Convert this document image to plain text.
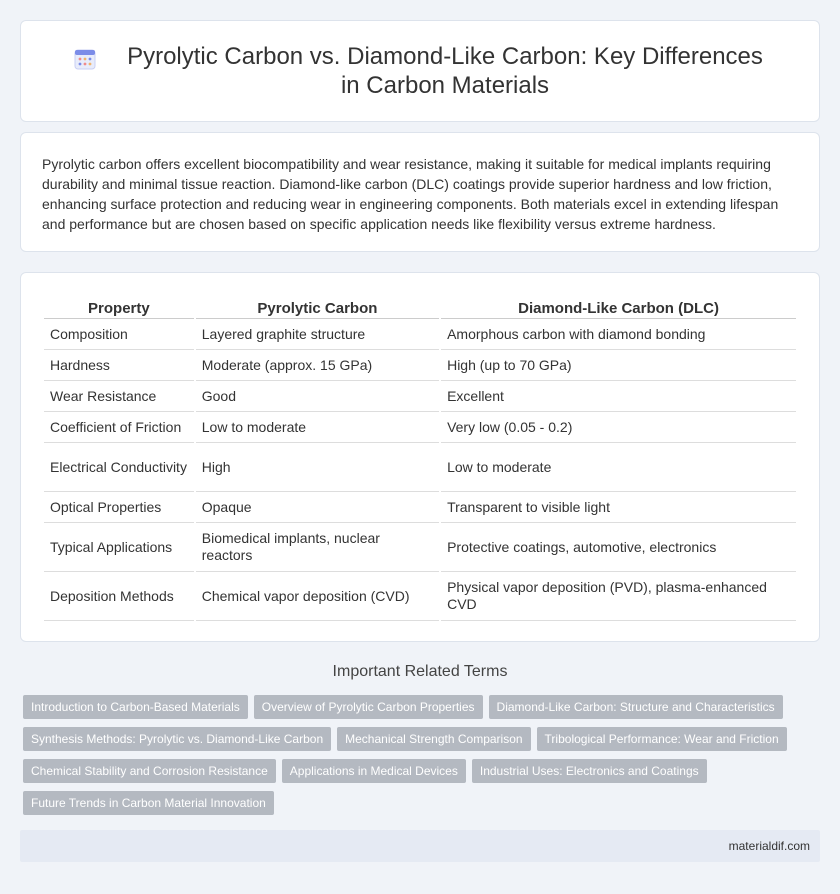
Pyrolytic Carbon vs. Diamond-Like Carbon: Key Differences in Carbon Materials

Pyrolytic carbon offers excellent biocompatibility and wear resistance, making it suitable for medical implants requiring durability and minimal tissue reaction. Diamond-like carbon (DLC) coatings provide superior hardness and low friction, enhancing surface protection and reducing wear in engineering components. Both materials excel in extending lifespan and performance but are chosen based on specific application needs like flexibility versus extreme hardness.

Property	Pyrolytic Carbon	Diamond-Like Carbon (DLC)
Composition	Layered graphite structure	Amorphous carbon with diamond bonding
Hardness	Moderate (approx. 15 GPa)	High (up to 70 GPa)
Wear Resistance	Good	Excellent
Coefficient of Friction	Low to moderate	Very low (0.05 - 0.2)
Electrical Conductivity	High	Low to moderate
Optical Properties	Opaque	Transparent to visible light
Typical Applications	Biomedical implants, nuclear reactors	Protective coatings, automotive, electronics
Deposition Methods	Chemical vapor deposition (CVD)	Physical vapor deposition (PVD), plasma-enhanced CVD
Important Related Terms
Introduction to Carbon-Based Materials	Overview of Pyrolytic Carbon Properties	Diamond-Like Carbon: Structure and Characteristics
Synthesis Methods: Pyrolytic vs. Diamond-Like Carbon	Mechanical Strength Comparison	Tribological Performance: Wear and Friction
Chemical Stability and Corrosion Resistance	Applications in Medical Devices	Industrial Uses: Electronics and Coatings
Future Trends in Carbon Material Innovation
materialdif.com
